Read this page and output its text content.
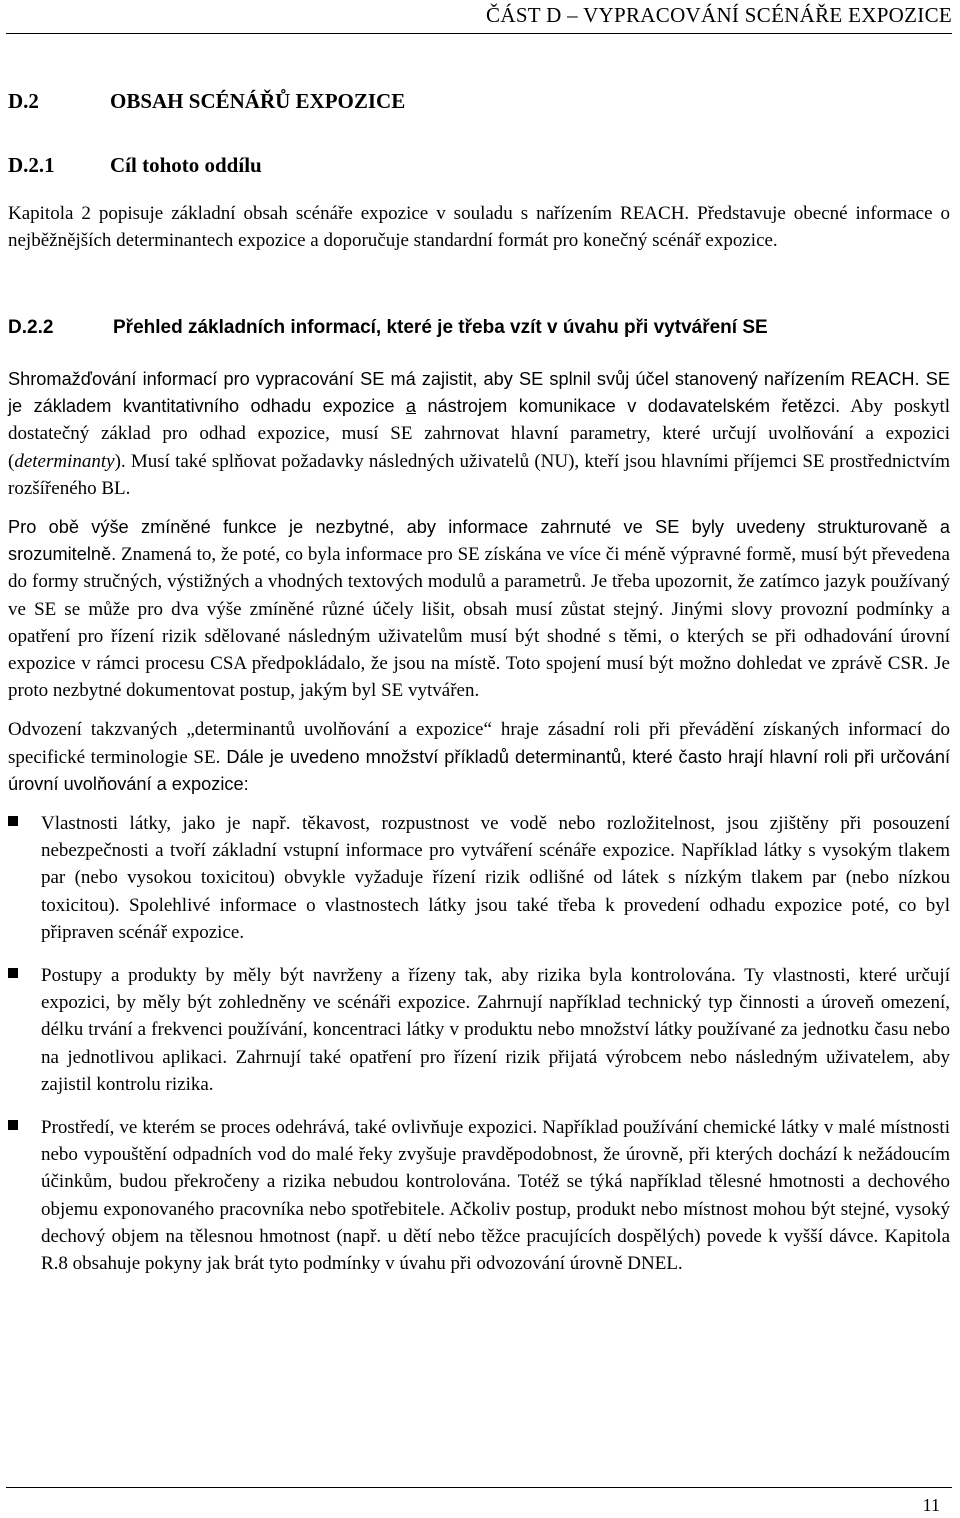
ČÁST D – VYPRACOVÁNÍ SCÉNÁŘE EXPOZICE
D.2	OBSAH SCÉNÁŘŮ EXPOZICE
D.2.1	Cíl tohoto oddílu

Kapitola 2 popisuje základní obsah scénáře expozice v souladu s nařízením REACH. Představuje obecné informace o nejběžnějších determinantech expozice a doporučuje standardní formát pro konečný scénář expozice.

D.2.2	Přehled základních informací, které je třeba vzít v úvahu při vytváření SE

Shromažďování informací pro vypracování SE má zajistit, aby SE splnil svůj účel stanovený nařízením REACH. SE je základem kvantitativního odhadu expozice a nástrojem komunikace v dodavatelském řetězci. Aby poskytl dostatečný základ pro odhad expozice, musí SE zahrnovat hlavní parametry, které určují uvolňování a expozici (determinanty). Musí také splňovat požadavky následných uživatelů (NU), kteří jsou hlavními příjemci SE prostřednictvím rozšířeného BL.

Pro obě výše zmíněné funkce je nezbytné, aby informace zahrnuté ve SE byly uvedeny strukturovaně a srozumitelně. Znamená to, že poté, co byla informace pro SE získána ve více či méně výpravné formě, musí být převedena do formy stručných, výstižných a vhodných textových modulů a parametrů. Je třeba upozornit, že zatímco jazyk používaný ve SE se může pro dva výše zmíněné různé účely lišit, obsah musí zůstat stejný. Jinými slovy provozní podmínky a opatření pro řízení rizik sdělované následným uživatelům musí být shodné s těmi, o kterých se při odhadování úrovní expozice v rámci procesu CSA předpokládalo, že jsou na místě. Toto spojení musí být možno dohledat ve zprávě CSR. Je proto nezbytné dokumentovat postup, jakým byl SE vytvářen.

Odvození takzvaných „determinantů uvolňování a expozice“ hraje zásadní roli při převádění získaných informací do specifické terminologie SE. Dále je uvedeno množství příkladů determinantů, které často hrají hlavní roli při určování úrovní uvolňování a expozice:

Vlastnosti látky, jako je např. těkavost, rozpustnost ve vodě nebo rozložitelnost, jsou zjištěny při posouzení nebezpečnosti a tvoří základní vstupní informace pro vytváření scénáře expozice. Například látky s vysokým tlakem par (nebo vysokou toxicitou) obvykle vyžaduje řízení rizik odlišné od látek s nízkým tlakem par (nebo nízkou toxicitou). Spolehlivé informace o vlastnostech látky jsou také třeba k provedení odhadu expozice poté, co byl připraven scénář expozice.
Postupy a produkty by měly být navrženy a řízeny tak, aby rizika byla kontrolována. Ty vlastnosti, které určují expozici, by měly být zohledněny ve scénáři expozice. Zahrnují například technický typ činnosti a úroveň omezení, délku trvání a frekvenci používání, koncentraci látky v produktu nebo množství látky používané za jednotku času nebo na jednotlivou aplikaci. Zahrnují také opatření pro řízení rizik přijatá výrobcem nebo následným uživatelem, aby zajistil kontrolu rizika.
Prostředí, ve kterém se proces odehrává, také ovlivňuje expozici. Například používání chemické látky v malé místnosti nebo vypouštění odpadních vod do malé řeky zvyšuje pravděpodobnost, že úrovně, při kterých dochází k nežádoucím účinkům, budou překročeny a rizika nebudou kontrolována. Totéž se týká například tělesné hmotnosti a dechového objemu exponovaného pracovníka nebo spotřebitele. Ačkoliv postup, produkt nebo místnost mohou být stejné, vysoký dechový objem na tělesnou hmotnost (např. u dětí nebo těžce pracujících dospělých) povede k vyšší dávce. Kapitola R.8 obsahuje pokyny jak brát tyto podmínky v úvahu při odvozování úrovně DNEL.
11
